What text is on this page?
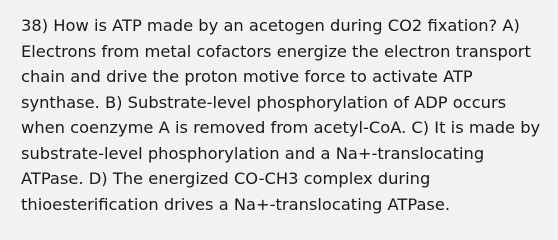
38) How is ATP made by an acetogen during CO2 fixation? A) Electrons from metal cofactors energize the electron transport chain and drive the proton motive force to activate ATP synthase. B) Substrate-level phosphorylation of ADP occurs when coenzyme A is removed from acetyl-CoA. C) It is made by substrate-level phosphorylation and a Na+-translocating ATPase. D) The energized CO-CH3 complex during thioesterification drives a Na+-translocating ATPase.
